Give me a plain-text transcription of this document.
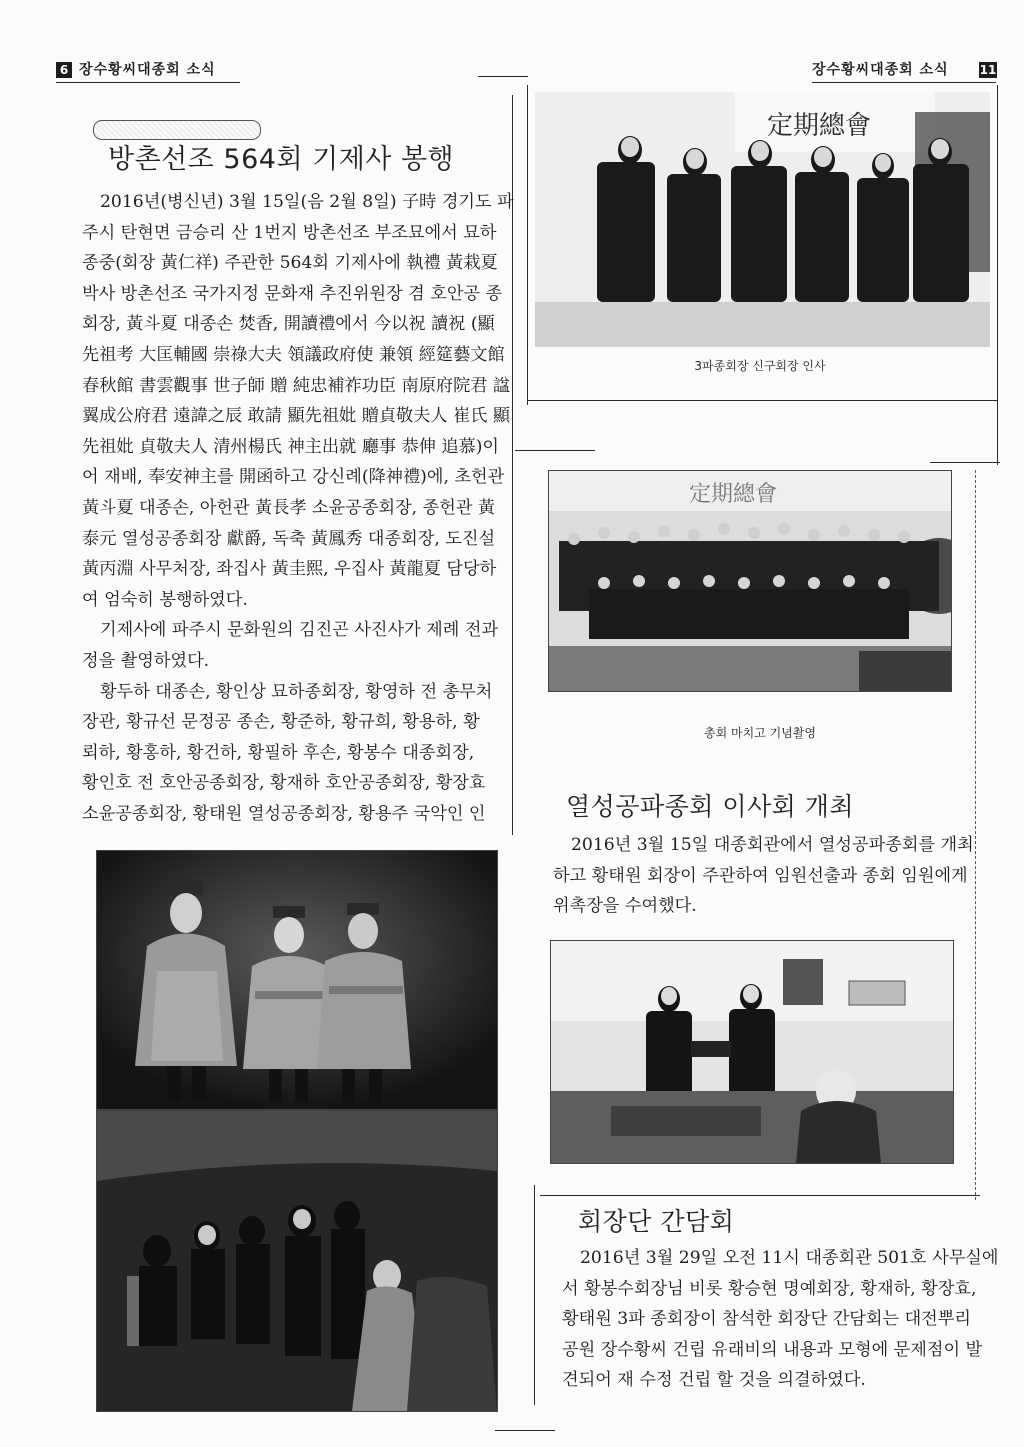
6 장수황씨대종회 소식	장수황씨대종회 소식	11
방촌선조 564회 기제사 봉행
2016년(병신년) 3월 15일(음 2월 8일) 子時 경기도 파
주시 탄현면 금승리 산 1번지 방촌선조 부조묘에서 묘하
종중(회장 黃仁祥) 주관한 564회 기제사에 執禮 黃栽夏
박사 방촌선조 국가지정 문화재 추진위원장 겸 호안공 종
회장, 黃斗夏 대종손 焚香, 開讀禮에서 今以祝 讀祝 (顯
先祖考 大匡輔國 崇祿大夫 領議政府使 兼領 經筵藝文館
春秋館 書雲觀事 世子師 贈 純忠補祚功臣 南原府院君 諡
翼成公府君 遠諱之辰 敢請 顯先祖妣 贈貞敬夫人 崔氏 顯
先祖妣 貞敬夫人 清州楊氏 神主出就 廳事 恭伸 追慕)이
어 재배, 奉安神主를 開函하고 강신례(降神禮)에, 초헌관
黃斗夏 대종손, 아헌관 黃長孝 소윤공종회장, 종헌관 黃
泰元 열성공종회장 獻爵, 독축 黃鳳秀 대종회장, 도진설
黃丙淵 사무처장, 좌집사 黃圭熙, 우집사 黃龍夏 담당하
여 엄숙히 봉행하였다.
기제사에 파주시 문화원의 김진곤 사진사가 제례 전과
정을 촬영하였다.
황두하 대종손, 황인상 묘하종회장, 황영하 전 총무처
장관, 황규선 문정공 종손, 황준하, 황규희, 황용하, 황
뢰하, 황홍하, 황건하, 황필하 후손, 황봉수 대종회장,
황인호 전 호안공종회장, 황재하 호안공종회장, 황장효
소윤공종회장, 황태원 열성공종회장, 황용주 국악인 인
定期總會
3파종회장 신구회장 인사
定期總會
총회 마치고 기념촬영
열성공파종회 이사회 개최
2016년 3월 15일 대종회관에서 열성공파종회를 개최
하고 황태원 회장이 주관하여 임원선출과 종회 임원에게
위촉장을 수여했다.
회장단 간담회
2016년 3월 29일 오전 11시 대종회관 501호 사무실에
서 황봉수회장님 비롯 황승현 명예회장, 황재하, 황장효,
황태원 3파 종회장이 참석한 회장단 간담회는 대전뿌리
공원 장수황씨 건립 유래비의 내용과 모형에 문제점이 발
견되어 재 수정 건립 할 것을 의결하였다.
